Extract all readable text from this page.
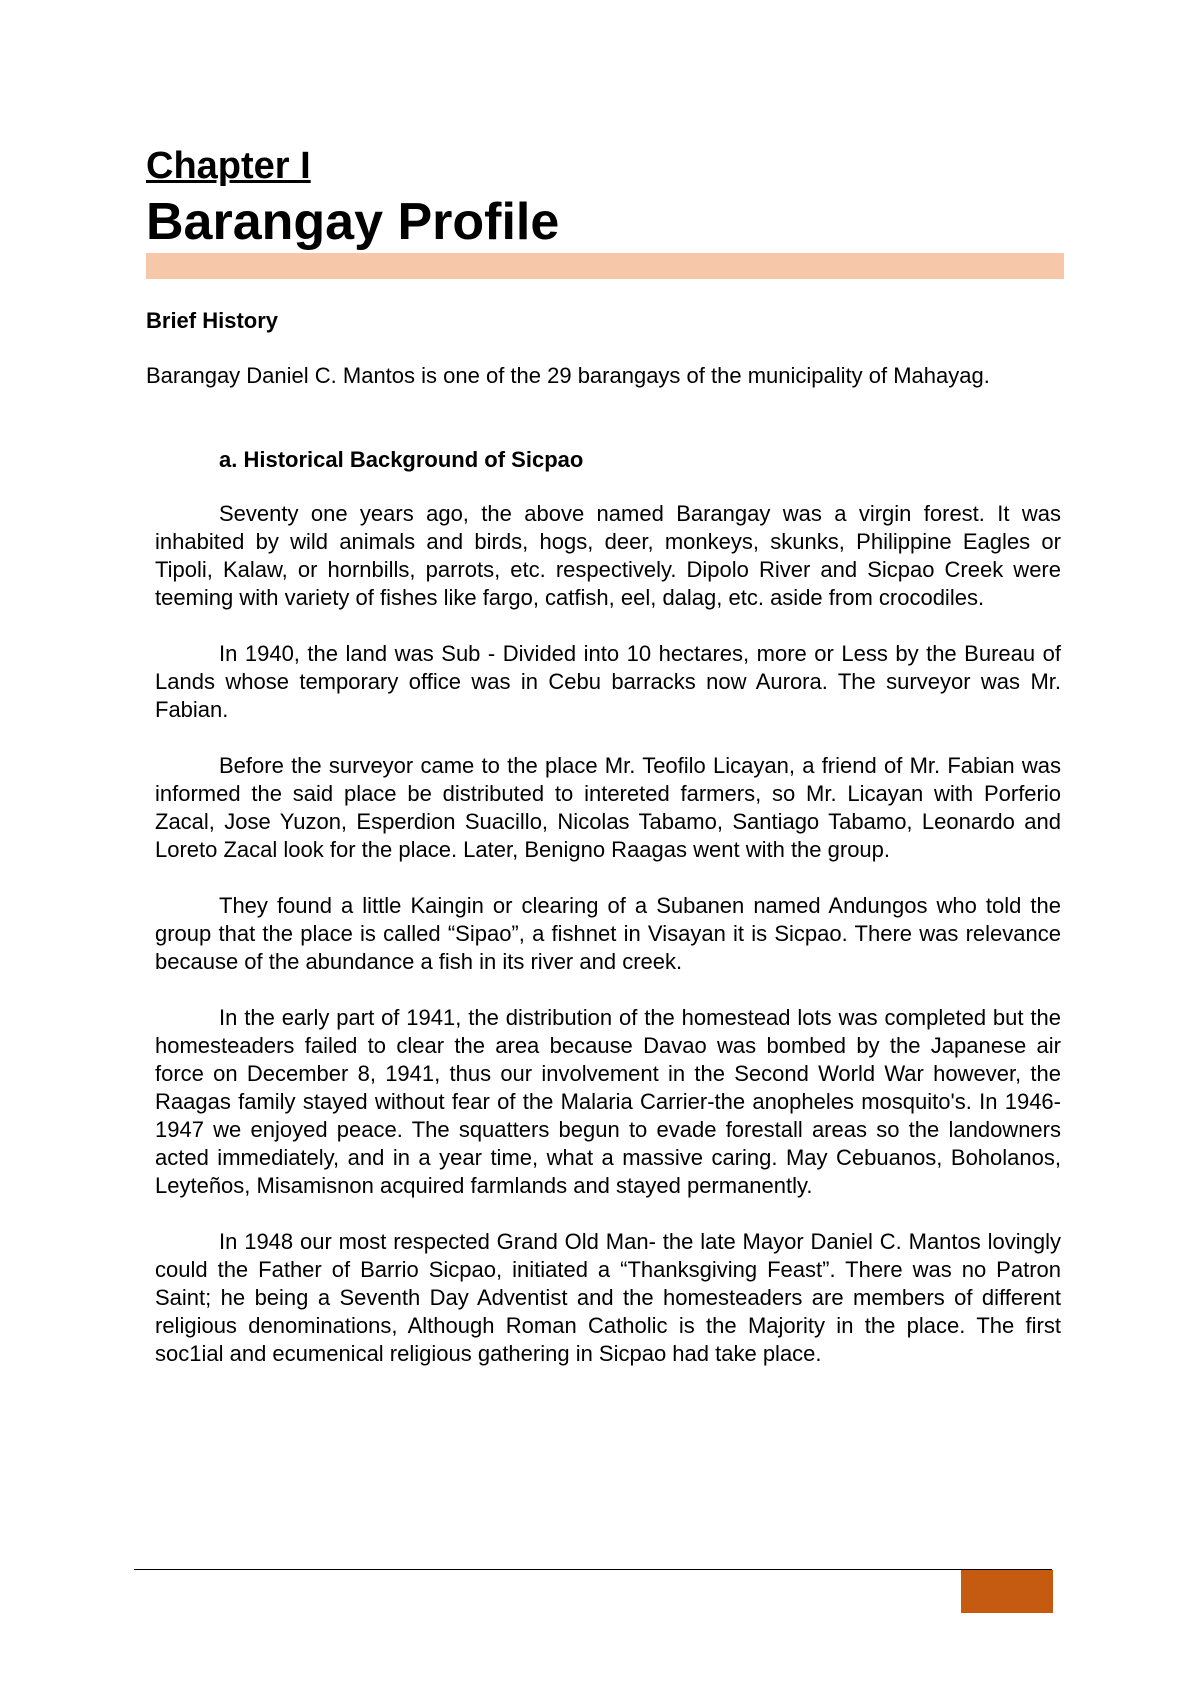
Chapter I
Barangay Profile
Brief History

Barangay Daniel C. Mantos is one of the 29 barangays of the municipality of Mahayag.

a. Historical Background of Sicpao

Seventy one years ago, the above named Barangay was a virgin forest. It was inhabited by wild animals and birds, hogs, deer, monkeys, skunks, Philippine Eagles or Tipoli, Kalaw, or hornbills, parrots, etc. respectively. Dipolo River and Sicpao Creek were teeming with variety of fishes like fargo, catfish, eel, dalag, etc. aside from crocodiles.

In 1940, the land was Sub - Divided into 10 hectares, more or Less by the Bureau of Lands whose temporary office was in Cebu barracks now Aurora. The surveyor was Mr. Fabian.

Before the surveyor came to the place Mr. Teofilo Licayan, a friend of Mr. Fabian was informed the said place be distributed to intereted farmers, so Mr. Licayan with Porferio Zacal, Jose Yuzon, Esperdion Suacillo, Nicolas Tabamo, Santiago Tabamo, Leonardo and Loreto Zacal look for the place. Later, Benigno Raagas went with the group.

They found a little Kaingin or clearing of a Subanen named Andungos who told the group that the place is called “Sipao”, a fishnet in Visayan it is Sicpao. There was relevance because of the abundance a fish in its river and creek.

In the early part of 1941, the distribution of the homestead lots was completed but the homesteaders failed to clear the area because Davao was bombed by the Japanese air force on December 8, 1941, thus our involvement in the Second World War however, the Raagas family stayed without fear of the Malaria Carrier-the anopheles mosquito's. In 1946-1947 we enjoyed peace. The squatters begun to evade forestall areas so the landowners acted immediately, and in a year time, what a massive caring. May Cebuanos, Boholanos, Leyteños, Misamisnon acquired farmlands and stayed permanently.

In 1948 our most respected Grand Old Man- the late Mayor Daniel C. Mantos lovingly could the Father of Barrio Sicpao, initiated a “Thanksgiving Feast”. There was no Patron Saint; he being a Seventh Day Adventist and the homesteaders are members of different religious denominations, Although Roman Catholic is the Majority in the place. The first soc1ial and ecumenical religious gathering in Sicpao had take place.
